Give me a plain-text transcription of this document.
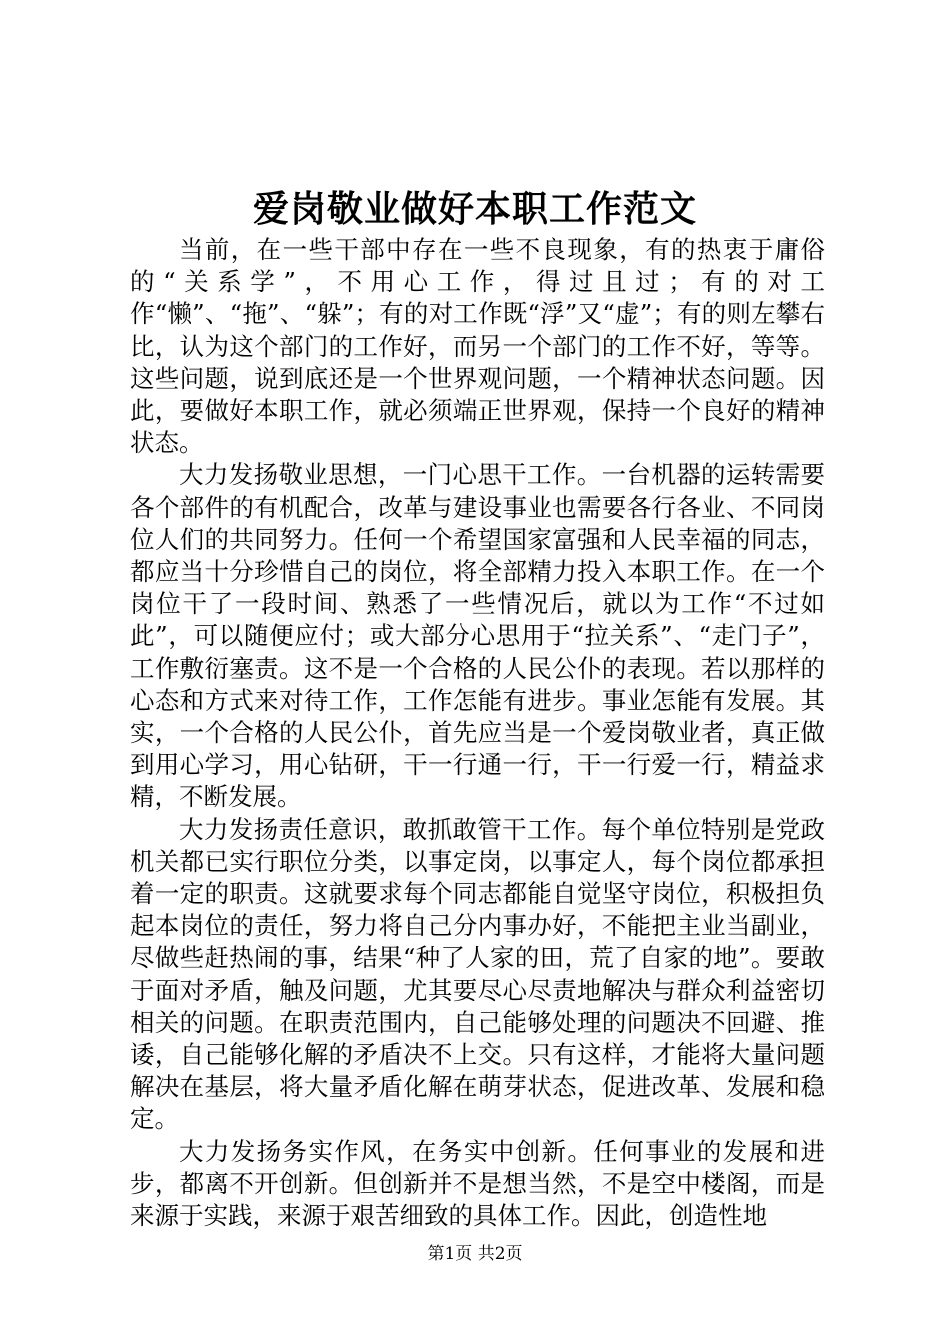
爱岗敬业做好本职工作范文

当前，在一些干部中存在一些不良现象，有的热衷于庸俗的“关系学”，不用心工作，得过且过；有的对工作“懒”、“拖”、“躲”；有的对工作既“浮”又“虚”；有的则左攀右比，认为这个部门的工作好，而另一个部门的工作不好，等等。这些问题，说到底还是一个世界观问题，一个精神状态问题。因此，要做好本职工作，就必须端正世界观，保持一个良好的精神状态。

大力发扬敬业思想，一门心思干工作。一台机器的运转需要各个部件的有机配合，改革与建设事业也需要各行各业、不同岗位人们的共同努力。任何一个希望国家富强和人民幸福的同志，都应当十分珍惜自己的岗位，将全部精力投入本职工作。在一个岗位干了一段时间、熟悉了一些情况后，就以为工作“不过如此”，可以随便应付；或大部分心思用于“拉关系”、“走门子”，工作敷衍塞责。这不是一个合格的人民公仆的表现。若以那样的心态和方式来对待工作，工作怎能有进步。事业怎能有发展。其实，一个合格的人民公仆，首先应当是一个爱岗敬业者，真正做到用心学习，用心钻研，干一行通一行，干一行爱一行，精益求精，不断发展。

大力发扬责任意识，敢抓敢管干工作。每个单位特别是党政机关都已实行职位分类，以事定岗，以事定人，每个岗位都承担着一定的职责。这就要求每个同志都能自觉坚守岗位，积极担负起本岗位的责任，努力将自己分内事办好，不能把主业当副业，尽做些赶热闹的事，结果“种了人家的田，荒了自家的地”。要敢于面对矛盾，触及问题，尤其要尽心尽责地解决与群众利益密切相关的问题。在职责范围内，自己能够处理的问题决不回避、推诿，自己能够化解的矛盾决不上交。只有这样，才能将大量问题解决在基层，将大量矛盾化解在萌芽状态，促进改革、发展和稳定。

大力发扬务实作风，在务实中创新。任何事业的发展和进步，都离不开创新。但创新并不是想当然，不是空中楼阁，而是来源于实践，来源于艰苦细致的具体工作。因此，创造性地

第1页 共2页
